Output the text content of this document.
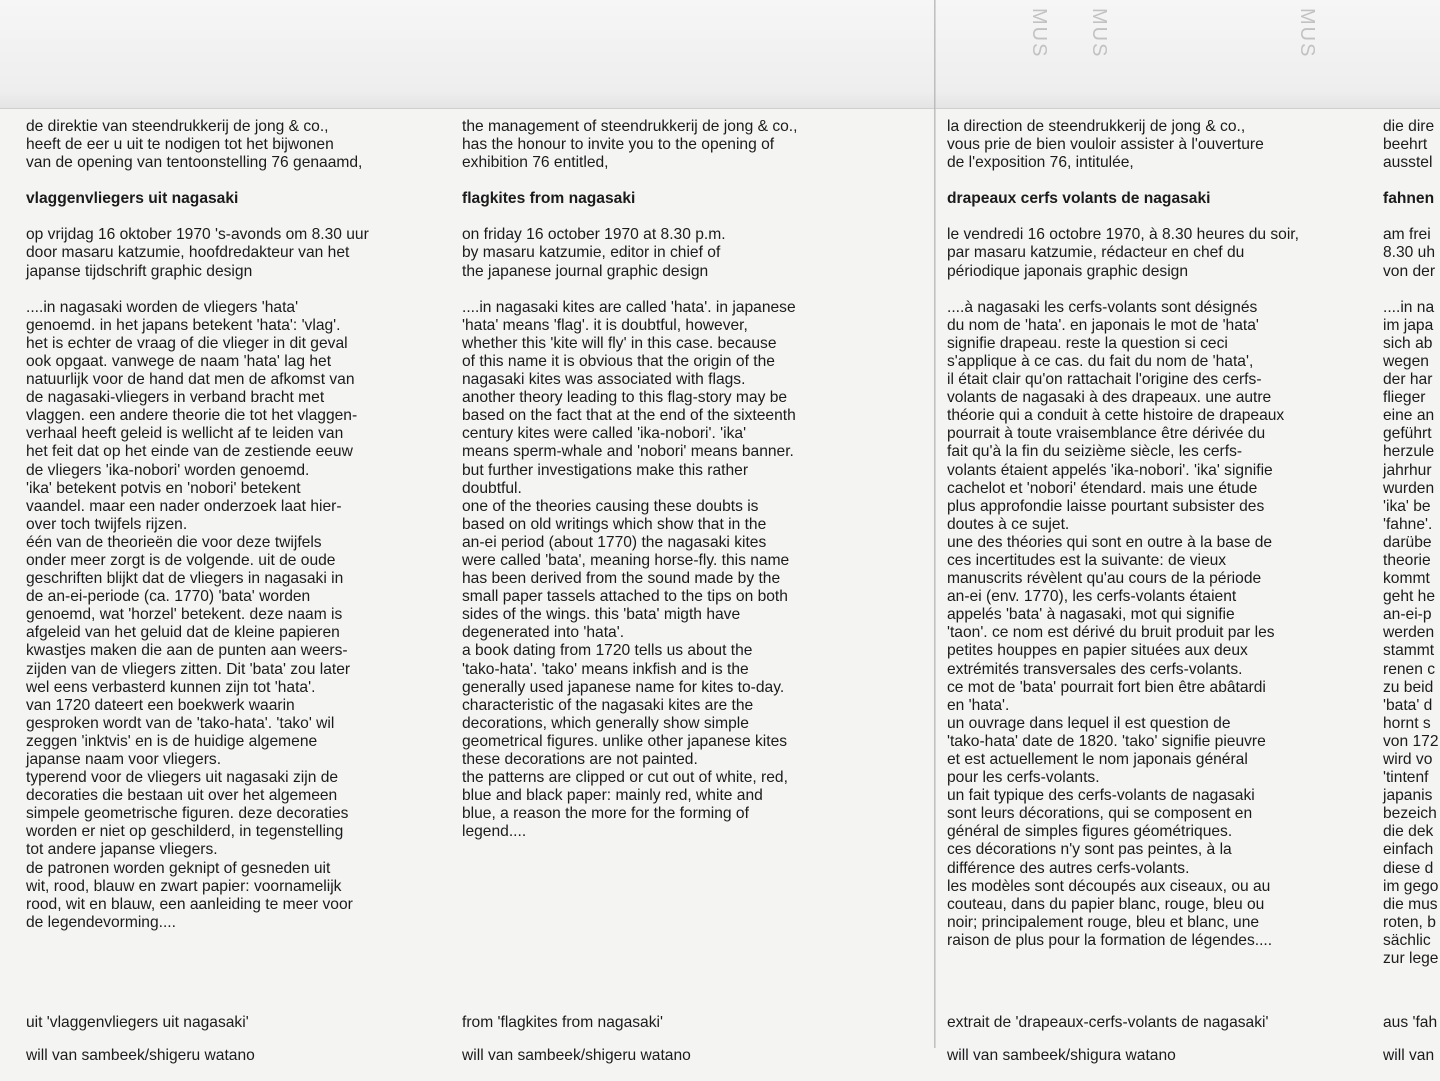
MUS MUS	MUS

de direktie van steendrukkerij de jong & co.,

heeft de eer u uit te nodigen tot het bijwonen

van de opening van tentoonstelling 76 genaamd,

vlaggenvliegers uit nagasaki

op vrijdag 16 oktober 1970 's-avonds om 8.30 uur

door masaru katzumie, hoofdredakteur van het

japanse tijdschrift graphic design

....in nagasaki worden de vliegers 'hata'

genoemd. in het japans betekent 'hata': 'vlag'.

het is echter de vraag of die vlieger in dit geval

ook opgaat. vanwege de naam 'hata' lag het

natuurlijk voor de hand dat men de afkomst van

de nagasaki-vliegers in verband bracht met

vlaggen. een andere theorie die tot het vlaggen-

verhaal heeft geleid is wellicht af te leiden van

het feit dat op het einde van de zestiende eeuw

de vliegers 'ika-nobori' worden genoemd.

'ika' betekent potvis en 'nobori' betekent

vaandel. maar een nader onderzoek laat hier-

over toch twijfels rijzen.

één van de theorieën die voor deze twijfels

onder meer zorgt is de volgende. uit de oude

geschriften blijkt dat de vliegers in nagasaki in

de an-ei-periode (ca. 1770) 'bata' worden

genoemd, wat 'horzel' betekent. deze naam is

afgeleid van het geluid dat de kleine papieren

kwastjes maken die aan de punten aan weers-

zijden van de vliegers zitten. Dit 'bata' zou later

wel eens verbasterd kunnen zijn tot 'hata'.

van 1720 dateert een boekwerk waarin

gesproken wordt van de 'tako-hata'. 'tako' wil

zeggen 'inktvis' en is de huidige algemene

japanse naam voor vliegers.

typerend voor de vliegers uit nagasaki zijn de

decoraties die bestaan uit over het algemeen

simpele geometrische figuren. deze decoraties

worden er niet op geschilderd, in tegenstelling

tot andere japanse vliegers.

de patronen worden geknipt of gesneden uit

wit, rood, blauw en zwart papier: voornamelijk

rood, wit en blauw, een aanleiding te meer voor

de legendevorming....

the management of steendrukkerij de jong & co.,

has the honour to invite you to the opening of

exhibition 76 entitled,

flagkites from nagasaki

on friday 16 october 1970 at 8.30 p.m.

by masaru katzumie, editor in chief of

the japanese journal graphic design

....in nagasaki kites are called 'hata'. in japanese

'hata' means 'flag'. it is doubtful, however,

whether this 'kite will fly' in this case. because

of this name it is obvious that the origin of the

nagasaki kites was associated with flags.

another theory leading to this flag-story may be

based on the fact that at the end of the sixteenth

century kites were called 'ika-nobori'. 'ika'

means sperm-whale and 'nobori' means banner.

but further investigations make this rather

doubtful.

one of the theories causing these doubts is

based on old writings which show that in the

an-ei period (about 1770) the nagasaki kites

were called 'bata', meaning horse-fly. this name

has been derived from the sound made by the

small paper tassels attached to the tips on both

sides of the wings. this 'bata' migth have

degenerated into 'hata'.

a book dating from 1720 tells us about the

'tako-hata'. 'tako' means inkfish and is the

generally used japanese name for kites to-day.

characteristic of the nagasaki kites are the

decorations, which generally show simple

geometrical figures. unlike other japanese kites

these decorations are not painted.

the patterns are clipped or cut out of white, red,

blue and black paper: mainly red, white and

blue, a reason the more for the forming of

legend....

la direction de steendrukkerij de jong & co.,

vous prie de bien vouloir assister à l'ouverture

de l'exposition 76, intitulée,

drapeaux cerfs volants de nagasaki

le vendredi 16 octobre 1970, à 8.30 heures du soir,

par masaru katzumie, rédacteur en chef du

périodique japonais graphic design

....à nagasaki les cerfs-volants sont désignés

du nom de 'hata'. en japonais le mot de 'hata'

signifie drapeau. reste la question si ceci

s'applique à ce cas. du fait du nom de 'hata',

il était clair qu'on rattachait l'origine des cerfs-

volants de nagasaki à des drapeaux. une autre

théorie qui a conduit à cette histoire de drapeaux

pourrait à toute vraisemblance être dérivée du

fait qu'à la fin du seizième siècle, les cerfs-

volants étaient appelés 'ika-nobori'. 'ika' signifie

cachelot et 'nobori' étendard. mais une étude

plus approfondie laisse pourtant subsister des

doutes à ce sujet.

une des théories qui sont en outre à la base de

ces incertitudes est la suivante: de vieux

manuscrits révèlent qu'au cours de la période

an-ei (env. 1770), les cerfs-volants étaient

appelés 'bata' à nagasaki, mot qui signifie

'taon'. ce nom est dérivé du bruit produit par les

petites houppes en papier situées aux deux

extrémités transversales des cerfs-volants.

ce mot de 'bata' pourrait fort bien être abâtardi

en 'hata'.

un ouvrage dans lequel il est question de

'tako-hata' date de 1820. 'tako' signifie pieuvre

et est actuellement le nom japonais général

pour les cerfs-volants.

un fait typique des cerfs-volants de nagasaki

sont leurs décorations, qui se composent en

général de simples figures géométriques.

ces décorations n'y sont pas peintes, à la

différence des autres cerfs-volants.

les modèles sont découpés aux ciseaux, ou au

couteau, dans du papier blanc, rouge, bleu ou

noir; principalement rouge, bleu et blanc, une

raison de plus pour la formation de légendes....

die dire

beehrt

ausstel

fahnen

am frei

8.30 uh

von der

....in na

im japa

sich ab

wegen

der har

flieger

eine an

geführt

herzule

jahrhur

wurden

'ika' be

'fahne'.

darübe

theorie

kommt

geht he

an-ei-p

werden

stammt

renen c

zu beid

'bata' d

hornt s

von 172

wird vo

'tintenf

japanis

bezeich

die dek

einfach

diese d

im gego

die mus

roten, b

sächlic

zur lege

uit 'vlaggenvliegers uit nagasaki'

will van sambeek/shigeru watano

from 'flagkites from nagasaki'

will van sambeek/shigeru watano

extrait de 'drapeaux-cerfs-volants de nagasaki'

will van sambeek/shigura watano

aus 'fah

will van
